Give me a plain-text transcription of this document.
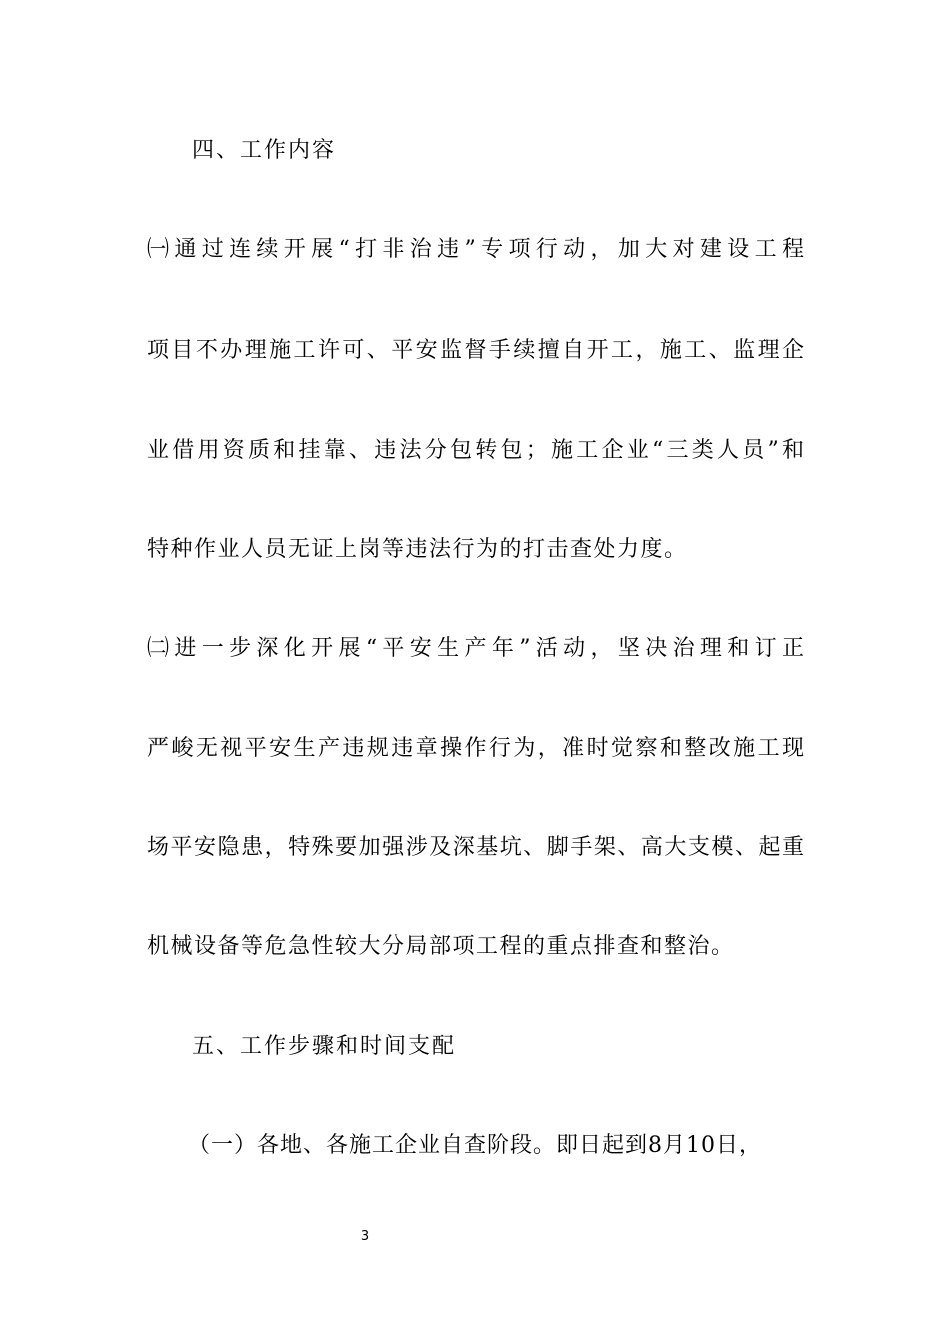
四、工作内容
㈠通过连续开展“打非治违”专项行动，加大对建设工程
项目不办理施工许可、平安监督手续擅自开工，施工、监理企
业借用资质和挂靠、违法分包转包；施工企业“三类人员”和
特种作业人员无证上岗等违法行为的打击查处力度。
㈡进一步深化开展“平安生产年”活动，坚决治理和订正
严峻无视平安生产违规违章操作行为，准时觉察和整改施工现
场平安隐患，特殊要加强涉及深基坑、脚手架、高大支模、起重
机械设备等危急性较大分局部项工程的重点排查和整治。
五、工作步骤和时间支配
（一）各地、各施工企业自查阶段。即日起到8月10日，
3
